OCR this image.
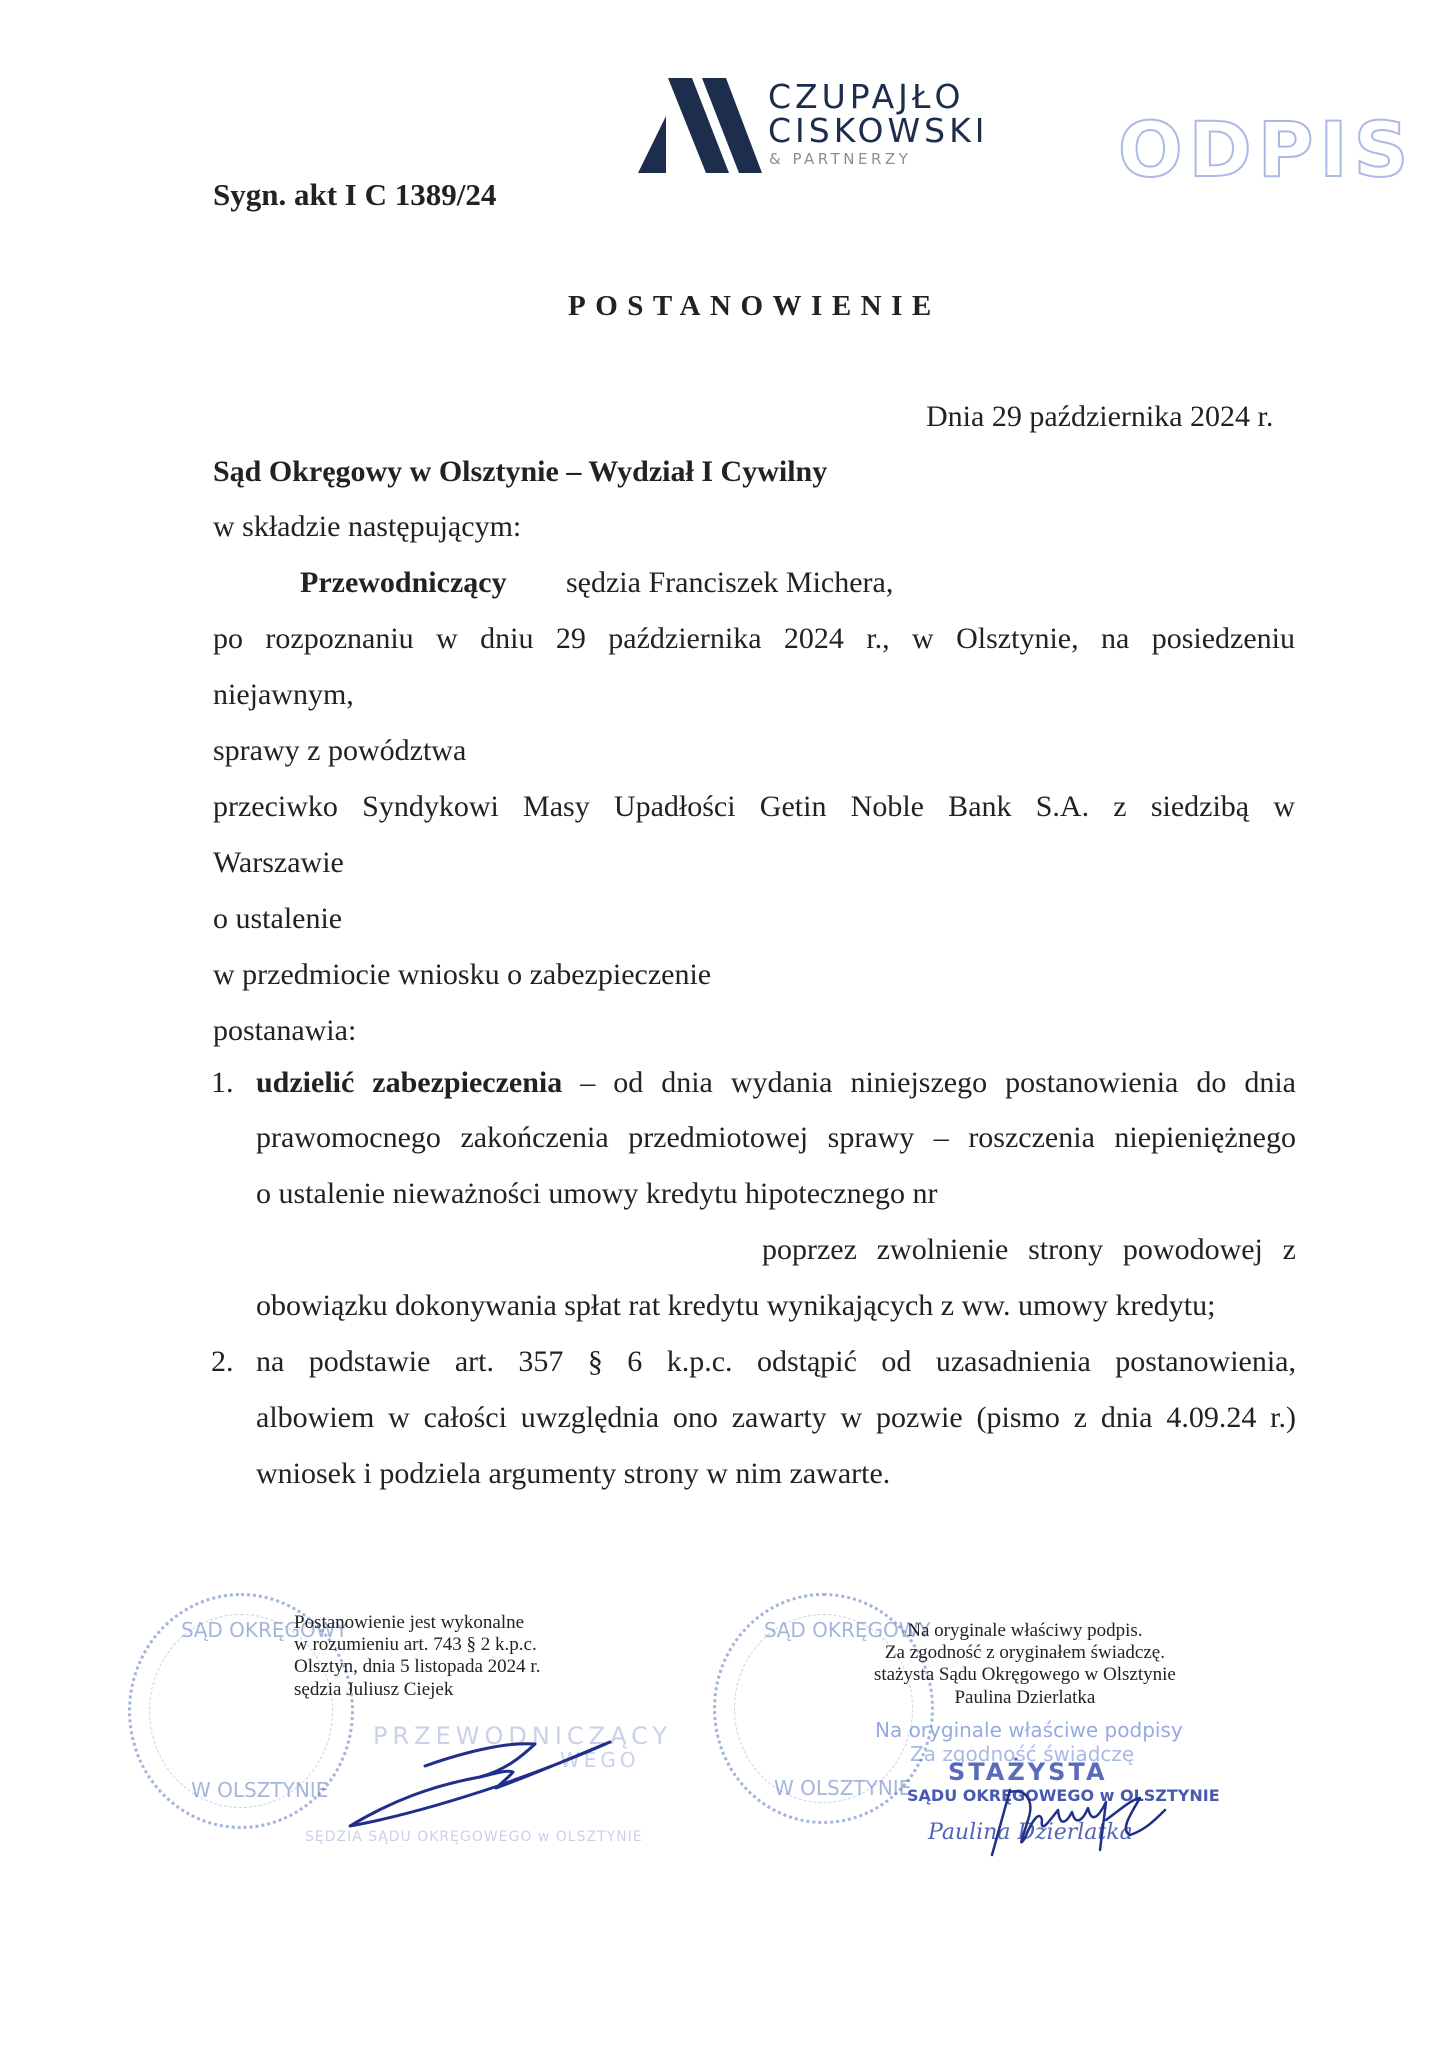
CZUPAJŁO
CISKOWSKI
& PARTNERZY	ODPIS
Sygn. akt I C 1389/24
POSTANOWIENIE
Dnia 29 października 2024 r.
Sąd Okręgowy w Olsztynie – Wydział I Cywilny
w składzie następującym:
Przewodniczący sędzia Franciszek Michera,
po rozpoznaniu w dniu 29 października 2024 r., w Olsztynie, na posiedzeniu
niejawnym,
sprawy z powództwa
przeciwko Syndykowi Masy Upadłości Getin Noble Bank S.A. z siedzibą w
Warszawie
o ustalenie
w przedmiocie wniosku o zabezpieczenie
postanawia:
1. udzielić zabezpieczenia – od dnia wydania niniejszego postanowienia do dnia
prawomocnego zakończenia przedmiotowej sprawy – roszczenia niepieniężnego
o ustalenie nieważności umowy kredytu hipotecznego nr
poprzez zwolnienie strony powodowej z
obowiązku dokonywania spłat rat kredytu wynikających z ww. umowy kredytu;
2. na podstawie art. 357 § 6 k.p.c. odstąpić od uzasadnienia postanowienia,
albowiem w całości uwzględnia ono zawarty w pozwie (pismo z dnia 4.09.24 r.)
wniosek i podziela argumenty strony w nim zawarte.
SĄD OKRĘGOWY
W OLSZTYNIE
Postanowienie jest wykonalne
w rozumieniu art. 743 § 2 k.p.c.
Olsztyn, dnia 5 listopada 2024 r.
sędzia Juliusz Ciejek
PRZEWODNICZĄCY
WEGO
SĘDZIA SĄDU OKRĘGOWEGO w OLSZTYNIE
SĄD OKRĘGOWY
W OLSZTYNIE
Na oryginale właściwy podpis.
Za zgodność z oryginałem świadczę.
stażysta Sądu Okręgowego w Olsztynie
Paulina Dzierlatka
Na oryginale właściwe podpisy
Za zgodność świadczę
STAŻYSTA
SĄDU OKRĘGOWEGO w OLSZTYNIE
Paulina Dzierlatka
